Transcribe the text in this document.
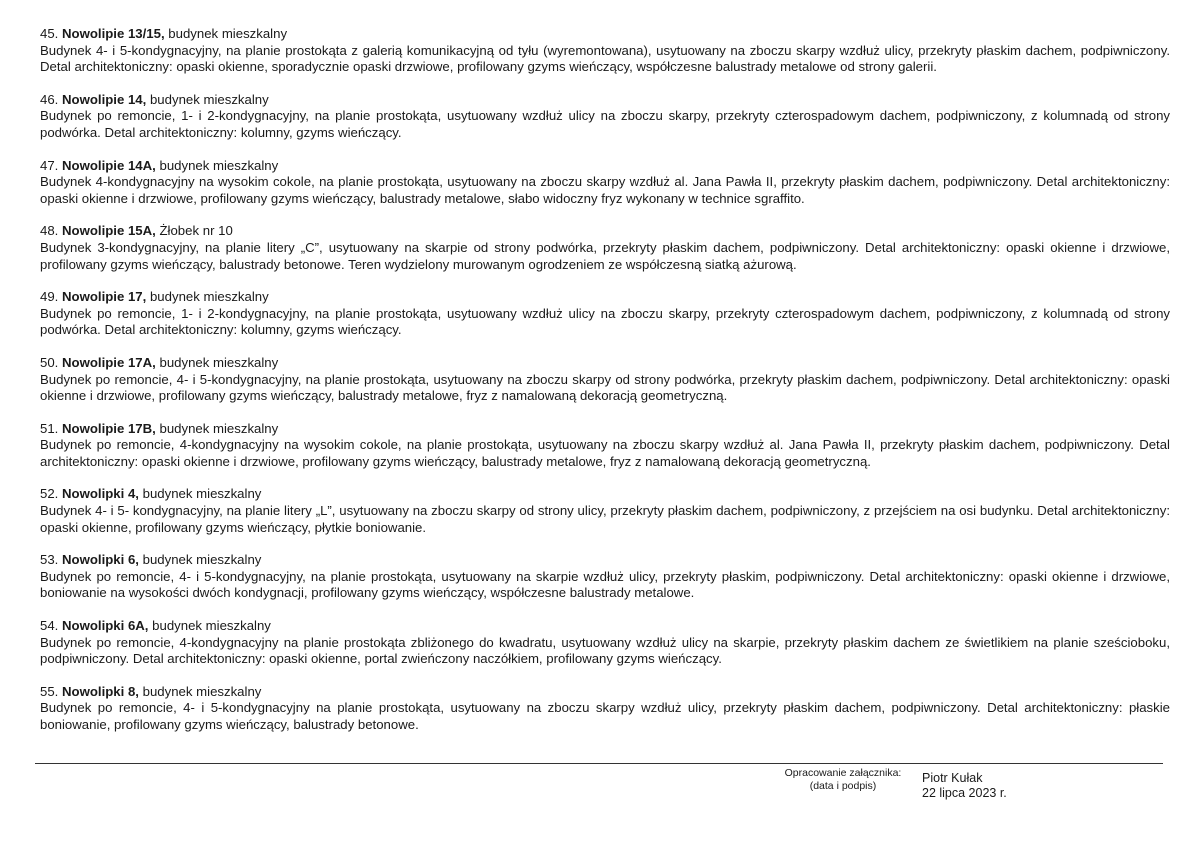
45. Nowolipie 13/15, budynek mieszkalny
Budynek 4- i 5-kondygnacyjny, na planie prostokąta z galerią komunikacyjną od tyłu (wyremontowana), usytuowany na zboczu skarpy wzdłuż ulicy, przekryty płaskim dachem, podpiwniczony. Detal architektoniczny: opaski okienne, sporadycznie opaski drzwiowe, profilowany gzyms wieńczący, współczesne balustrady metalowe od strony galerii.
46. Nowolipie 14, budynek mieszkalny
Budynek po remoncie, 1- i 2-kondygnacyjny, na planie prostokąta, usytuowany wzdłuż ulicy na zboczu skarpy, przekryty czterospadowym dachem, podpiwniczony, z kolumnadą od strony podwórka. Detal architektoniczny: kolumny, gzyms wieńczący.
47. Nowolipie 14A, budynek mieszkalny
Budynek 4-kondygnacyjny na wysokim cokole, na planie prostokąta, usytuowany na zboczu skarpy wzdłuż al. Jana Pawła II, przekryty płaskim dachem, podpiwniczony. Detal architektoniczny: opaski okienne i drzwiowe, profilowany gzyms wieńczący, balustrady metalowe, słabo widoczny fryz wykonany w technice sgraffito.
48. Nowolipie 15A, Żłobek nr 10
Budynek 3-kondygnacyjny, na planie litery „C”, usytuowany na skarpie od strony podwórka, przekryty płaskim dachem, podpiwniczony. Detal architektoniczny: opaski okienne i drzwiowe, profilowany gzyms wieńczący, balustrady betonowe. Teren wydzielony murowanym ogrodzeniem ze współczesną siatką ażurową.
49. Nowolipie 17, budynek mieszkalny
Budynek po remoncie, 1- i 2-kondygnacyjny, na planie prostokąta, usytuowany wzdłuż ulicy na zboczu skarpy, przekryty czterospadowym dachem, podpiwniczony, z kolumnadą od strony podwórka. Detal architektoniczny: kolumny, gzyms wieńczący.
50. Nowolipie 17A, budynek mieszkalny
Budynek po remoncie, 4- i 5-kondygnacyjny, na planie prostokąta, usytuowany na zboczu skarpy od strony podwórka, przekryty płaskim dachem, podpiwniczony. Detal architektoniczny: opaski okienne i drzwiowe, profilowany gzyms wieńczący, balustrady metalowe, fryz z namalowaną dekoracją geometryczną.
51. Nowolipie 17B, budynek mieszkalny
Budynek po remoncie, 4-kondygnacyjny na wysokim cokole, na planie prostokąta, usytuowany na zboczu skarpy wzdłuż al. Jana Pawła II, przekryty płaskim dachem, podpiwniczony. Detal architektoniczny: opaski okienne i drzwiowe, profilowany gzyms wieńczący, balustrady metalowe, fryz z namalowaną dekoracją geometryczną.
52. Nowolipki 4, budynek mieszkalny
Budynek 4- i 5- kondygnacyjny, na planie litery „L”, usytuowany na zboczu skarpy od strony ulicy, przekryty płaskim dachem, podpiwniczony, z przejściem na osi budynku. Detal architektoniczny: opaski okienne, profilowany gzyms wieńczący, płytkie boniowanie.
53. Nowolipki 6, budynek mieszkalny
Budynek po remoncie, 4- i 5-kondygnacyjny, na planie prostokąta, usytuowany na skarpie wzdłuż ulicy, przekryty płaskim, podpiwniczony. Detal architektoniczny: opaski okienne i drzwiowe, boniowanie na wysokości dwóch kondygnacji, profilowany gzyms wieńczący, współczesne balustrady metalowe.
54. Nowolipki 6A, budynek mieszkalny
Budynek po remoncie, 4-kondygnacyjny na planie prostokąta zbliżonego do kwadratu, usytuowany wzdłuż ulicy na skarpie, przekryty płaskim dachem ze świetlikiem na planie sześcioboku, podpiwniczony. Detal architektoniczny: opaski okienne, portal zwieńczony naczółkiem, profilowany gzyms wieńczący.
55. Nowolipki 8, budynek mieszkalny
Budynek po remoncie, 4- i 5-kondygnacyjny na planie prostokąta, usytuowany na zboczu skarpy wzdłuż ulicy, przekryty płaskim dachem, podpiwniczony. Detal architektoniczny: płaskie boniowanie, profilowany gzyms wieńczący, balustrady betonowe.
Opracowanie załącznika:
(data i podpis)
Piotr Kułak
22 lipca 2023 r.
